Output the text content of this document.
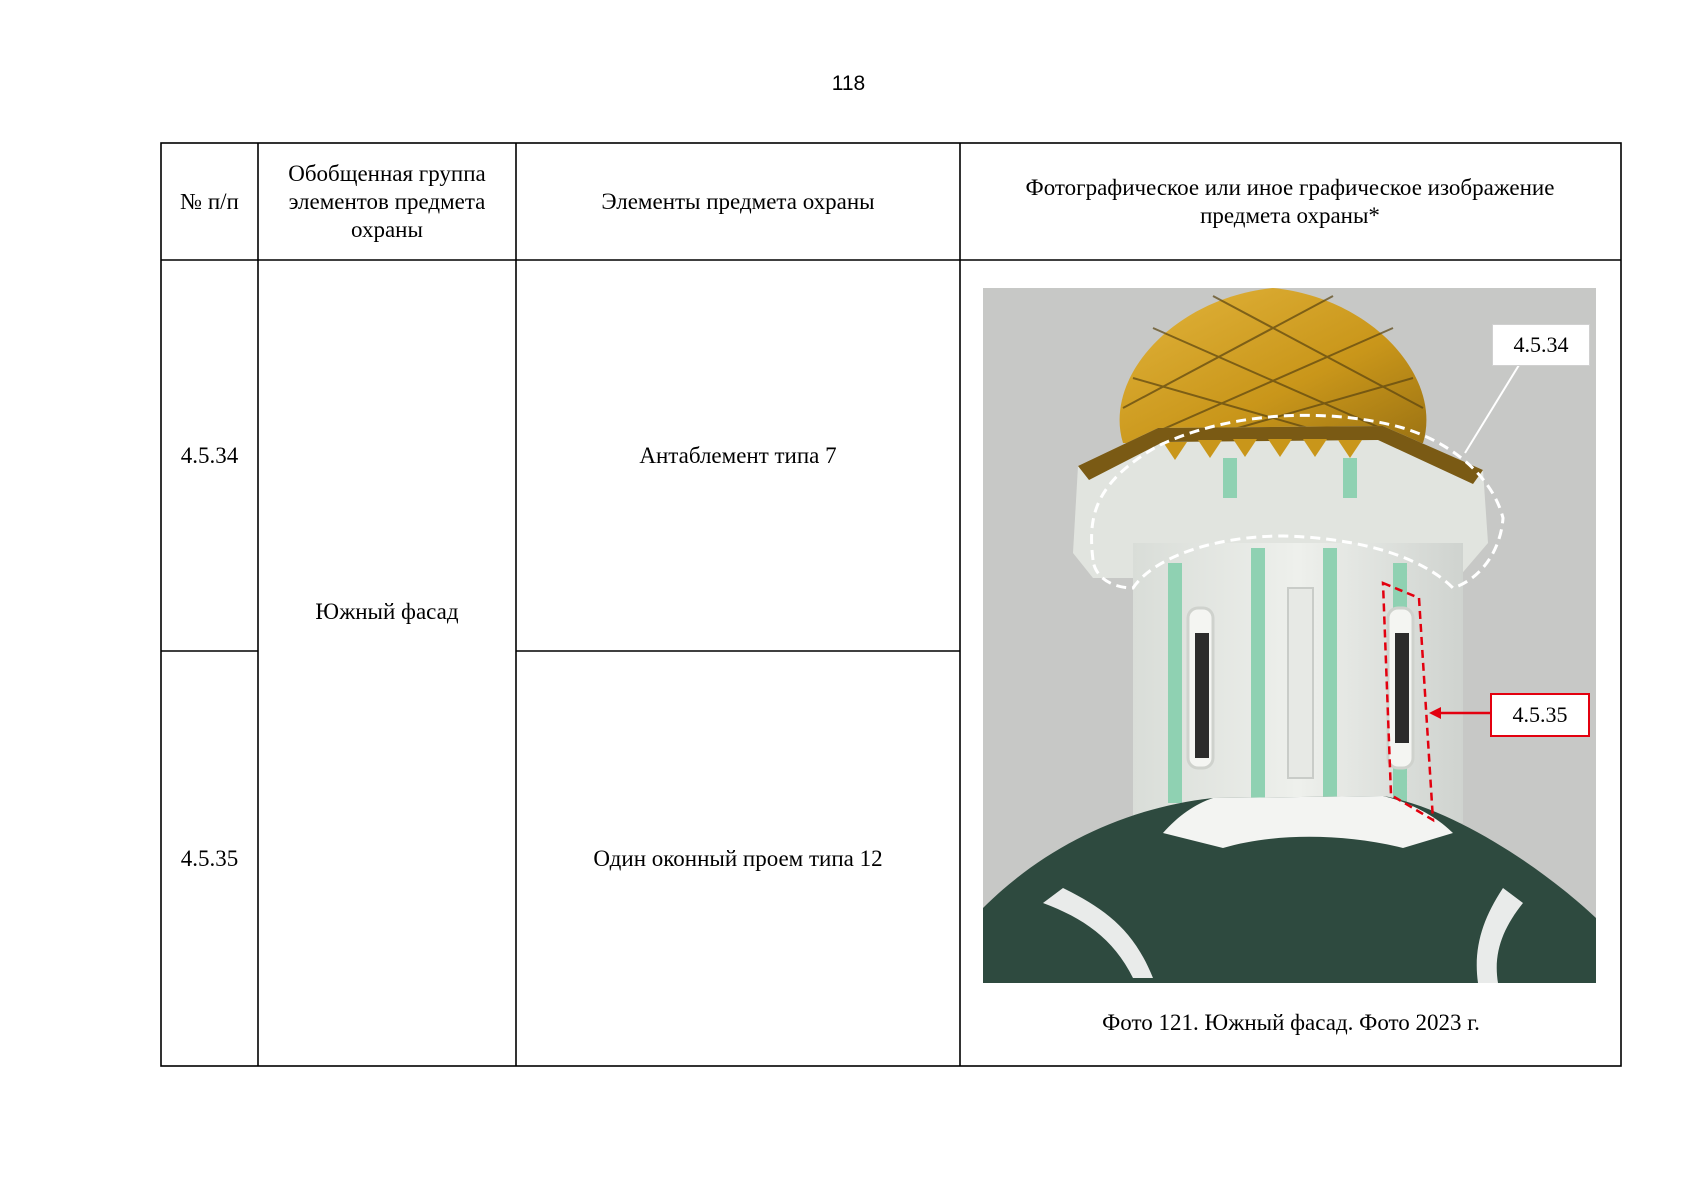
118
№ п/п
Обобщенная группа элементов предмета охраны
Элементы предмета охраны
Фотографическое или иное графическое изображение предмета охраны*
4.5.34
4.5.35
Южный фасад
Антаблемент типа 7
Один оконный проем типа 12
4.5.34
4.5.35
Фото 121. Южный фасад. Фото 2023 г.
